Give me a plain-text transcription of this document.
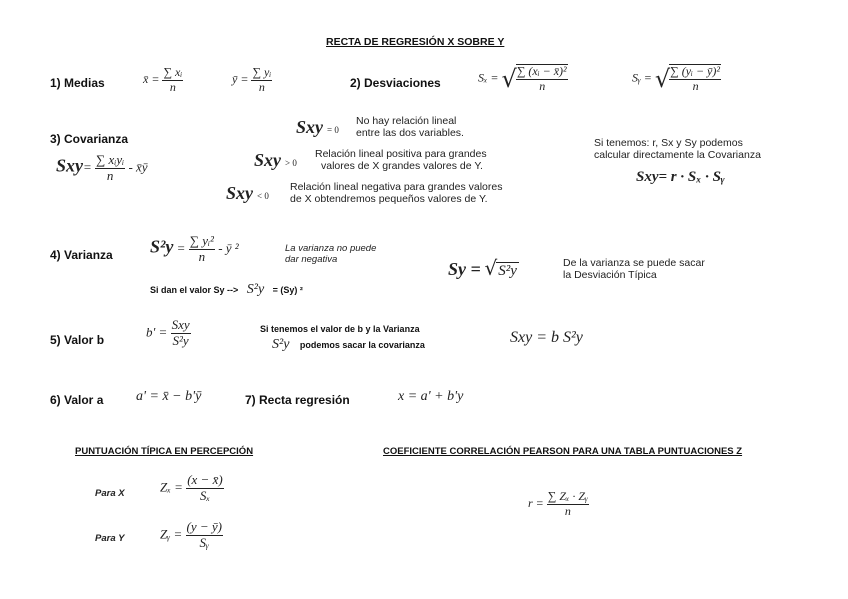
RECTA DE REGRESIÓN X SOBRE Y
1) Medias	x̄ = $\frac{\text{∑ xᵢ}}{n}$	ȳ = $\frac{\text{∑ yᵢ}}{n}$	2) Desviaciones	Sₓ = √ $\frac{\text{∑ (xᵢ − x̄)²}}{n}$	Sᵧ = √ $\frac{\text{∑ (yᵢ − ȳ)²}}{n}$
3) Covarianza
$Sxy= \frac{\text{∑ xᵢyᵢ}}{n}$ - x̄ȳ
Sxy = 0
No hay relación lineal
entre las dos variables.
Sxy > 0
Relación lineal positiva para grandes
valores de X grandes valores de Y.
Sxy < 0
Relación lineal negativa para grandes valores
de X obtendremos pequeños valores de Y.
Si tenemos: r, Sx y Sy podemos
calcular directamente la Covarianza
Sxy= r · Sₓ · Sᵧ
4) Varianza $S^2y = \frac{\text{∑ yᵢ²}}{n}$ - ȳ ²	La varianza no puede
dar negativa	Sy = √S²y	De la varianza se puede sacar
la Desviación Típica
Si dan el valor Sy --> S²y = (Sy) ²
5) Valor b
$b' = \frac{\text{Sxy}}{\text{S²y}}$	Si tenemos el valor de b y la Varianza
S²y podemos sacar la covarianza	Sxy = b S²y
6) Valor a a' = x̄ − b'ȳ	7) Recta regresión	x = a' + b'y
PUNTUACIÓN TÍPICA EN PERCEPCIÓN
Para X	$Z_x = \frac{(x - x̄)}{\text{Sₓ}}$
Para Y	Zᵧ = $\frac{(y - ȳ)}{\text{Sᵧ}}$
COEFICIENTE CORRELACIÓN PEARSON PARA UNA TABLA PUNTUACIONES Z
$r = \frac{\text{∑ Zₓ · Zᵧ}}{n}$
